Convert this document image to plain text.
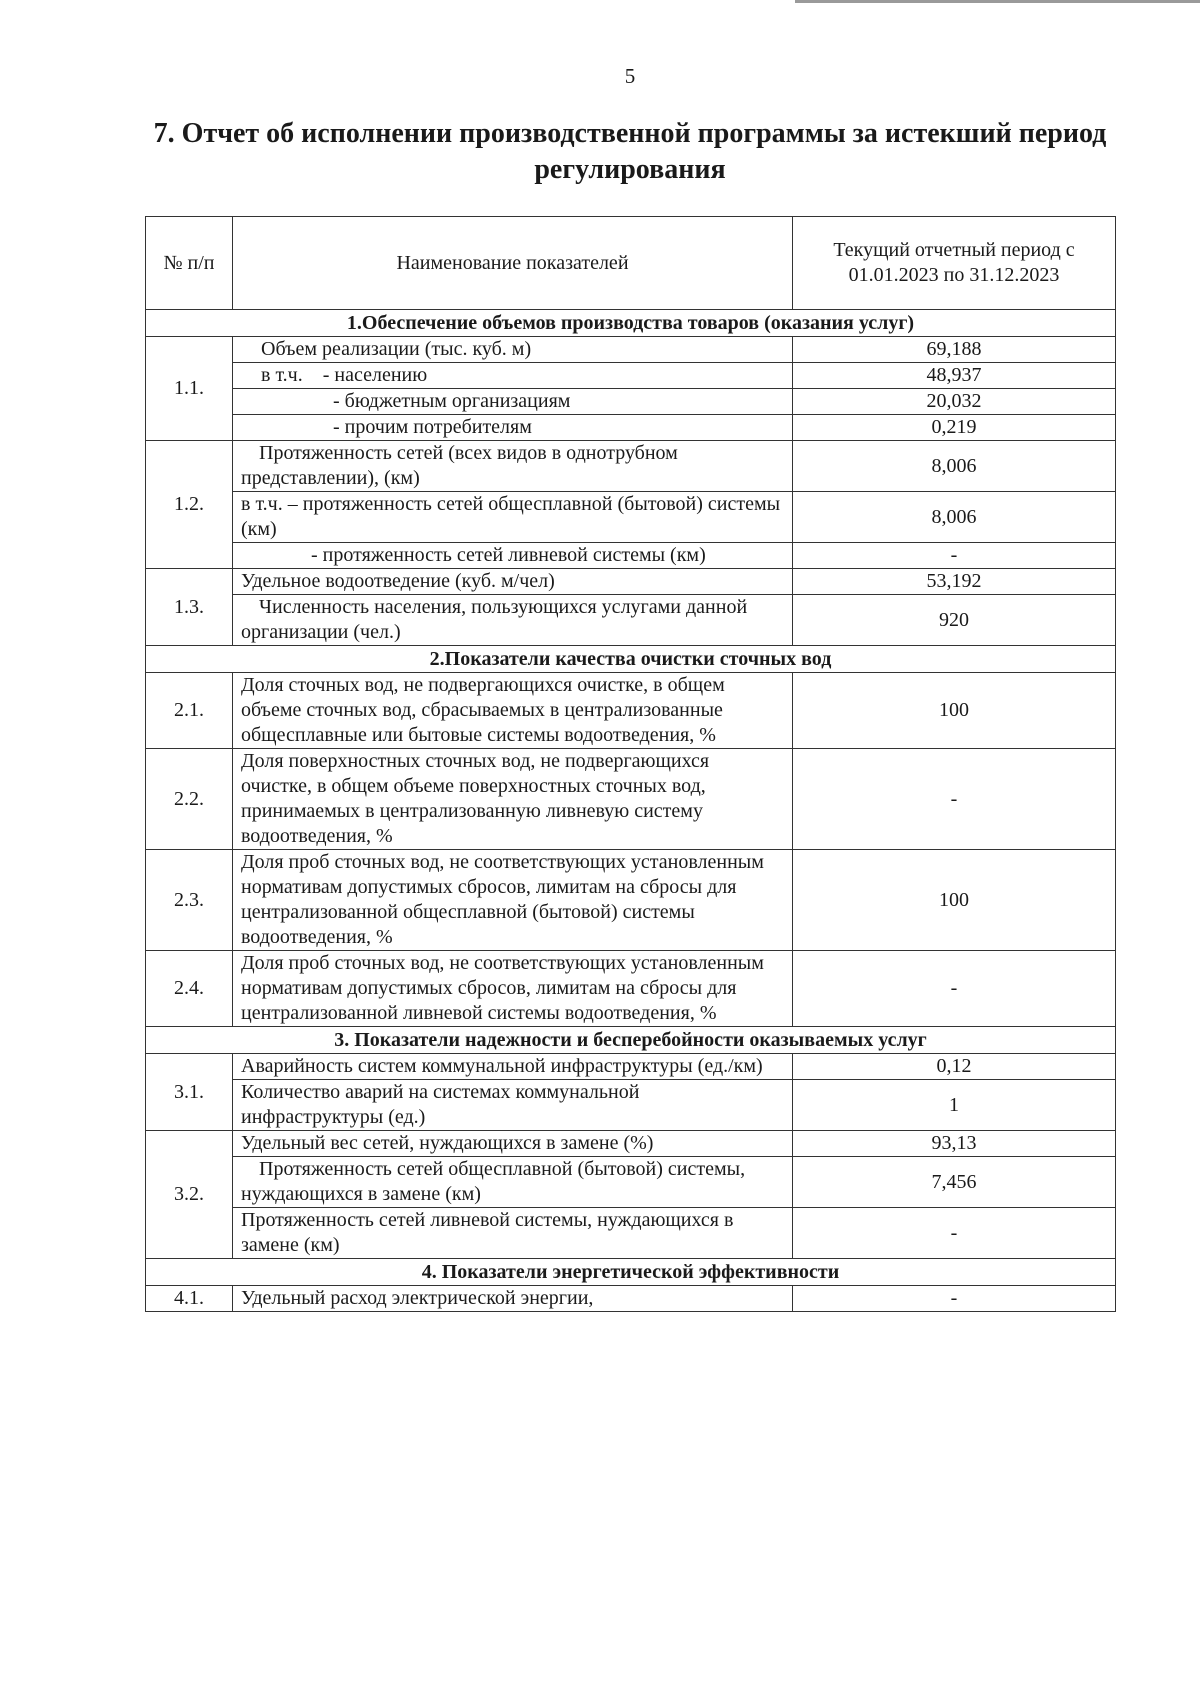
5
7. Отчет об исполнении производственной программы за истекший период регулирования
№ п/п	Наименование показателей	Текущий отчетный период с 01.01.2023 по 31.12.2023
1.Обеспечение объемов производства товаров (оказания услуг)		
1.1.	Объем реализации (тыс. куб. м)	69,188
	в т.ч.    - населению	48,937
	- бюджетным организациям	20,032
	- прочим потребителям	0,219
1.2.	Протяженность сетей (всех видов в однотрубном представлении), (км)	8,006
	в т.ч. – протяженность сетей общесплавной (бытовой) системы (км)	8,006
	- протяженность сетей ливневой системы (км)	-
1.3.	Удельное водоотведение (куб. м/чел)	53,192
	Численность населения, пользующихся услугами данной организации (чел.)	920
2.Показатели качества очистки сточных вод		
2.1.	Доля сточных вод, не подвергающихся очистке, в общем объеме сточных вод, сбрасываемых в централизованные общесплавные или бытовые системы водоотведения, %	100
2.2.	Доля поверхностных сточных вод, не подвергающихся очистке, в общем объеме поверхностных сточных вод, принимаемых в централизованную ливневую систему водоотведения, %	-
2.3.	Доля проб сточных вод, не соответствующих установленным нормативам допустимых сбросов, лимитам на сбросы для централизованной общесплавной (бытовой) системы водоотведения, %	100
2.4.	Доля проб сточных вод, не соответствующих установленным нормативам допустимых сбросов, лимитам на сбросы для централизованной ливневой системы водоотведения, %	-
3. Показатели надежности и бесперебойности оказываемых услуг		
3.1.	Аварийность систем коммунальной инфраструктуры (ед./км)	0,12
	Количество аварий на системах коммунальной инфраструктуры (ед.)	1
3.2.	Удельный вес сетей, нуждающихся в замене (%)	93,13
	Протяженность сетей общесплавной (бытовой) системы, нуждающихся в замене (км)	7,456
	Протяженность сетей ливневой системы, нуждающихся в замене (км)	-
4. Показатели энергетической эффективности		
4.1.	Удельный расход электрической энергии,	-
